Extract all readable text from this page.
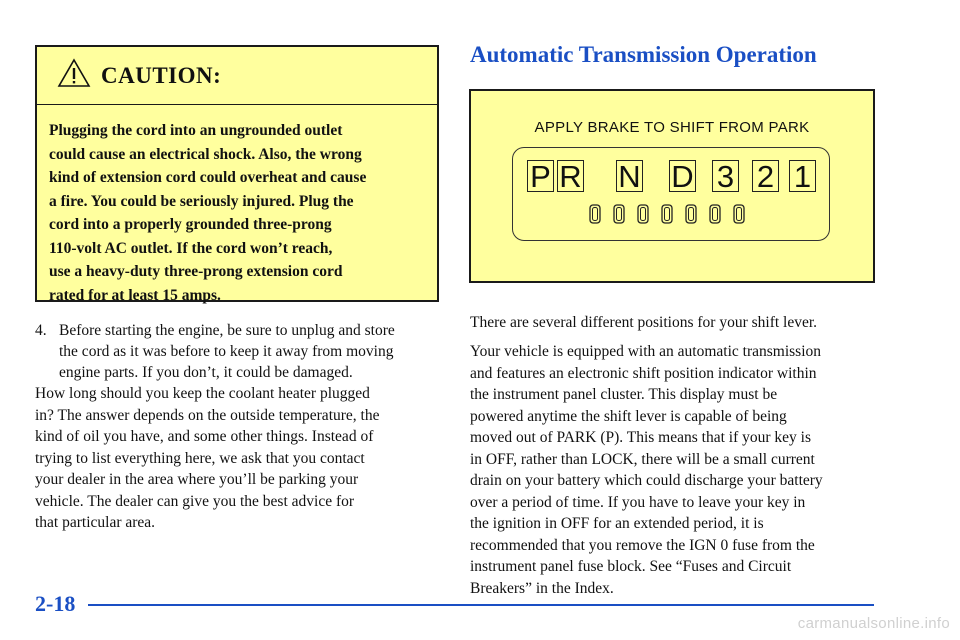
CAUTION:
Plugging the cord into an ungrounded outlet
could cause an electrical shock. Also, the wrong
kind of extension cord could overheat and cause
a fire. You could be seriously injured. Plug the
cord into a properly grounded three-prong
110-volt AC outlet. If the cord won’t reach,
use a heavy-duty three-prong extension cord
rated for at least 15 amps.
4. Before starting the engine, be sure to unplug and store
the cord as it was before to keep it away from moving
engine parts. If you don’t, it could be damaged.
How long should you keep the coolant heater plugged
in? The answer depends on the outside temperature, the
kind of oil you have, and some other things. Instead of
trying to list everything here, we ask that you contact
your dealer in the area where you’ll be parking your
vehicle. The dealer can give you the best advice for
that particular area.
Automatic Transmission Operation
APPLY BRAKE TO SHIFT FROM PARK
P R N D 3 2 1
There are several different positions for your shift lever.
Your vehicle is equipped with an automatic transmission
and features an electronic shift position indicator within
the instrument panel cluster. This display must be
powered anytime the shift lever is capable of being
moved out of PARK (P). This means that if your key is
in OFF, rather than LOCK, there will be a small current
drain on your battery which could discharge your battery
over a period of time. If you have to leave your key in
the ignition in OFF for an extended period, it is
recommended that you remove the IGN 0 fuse from the
instrument panel fuse block. See “Fuses and Circuit
Breakers” in the Index.
2-18
carmanualsonline.info
